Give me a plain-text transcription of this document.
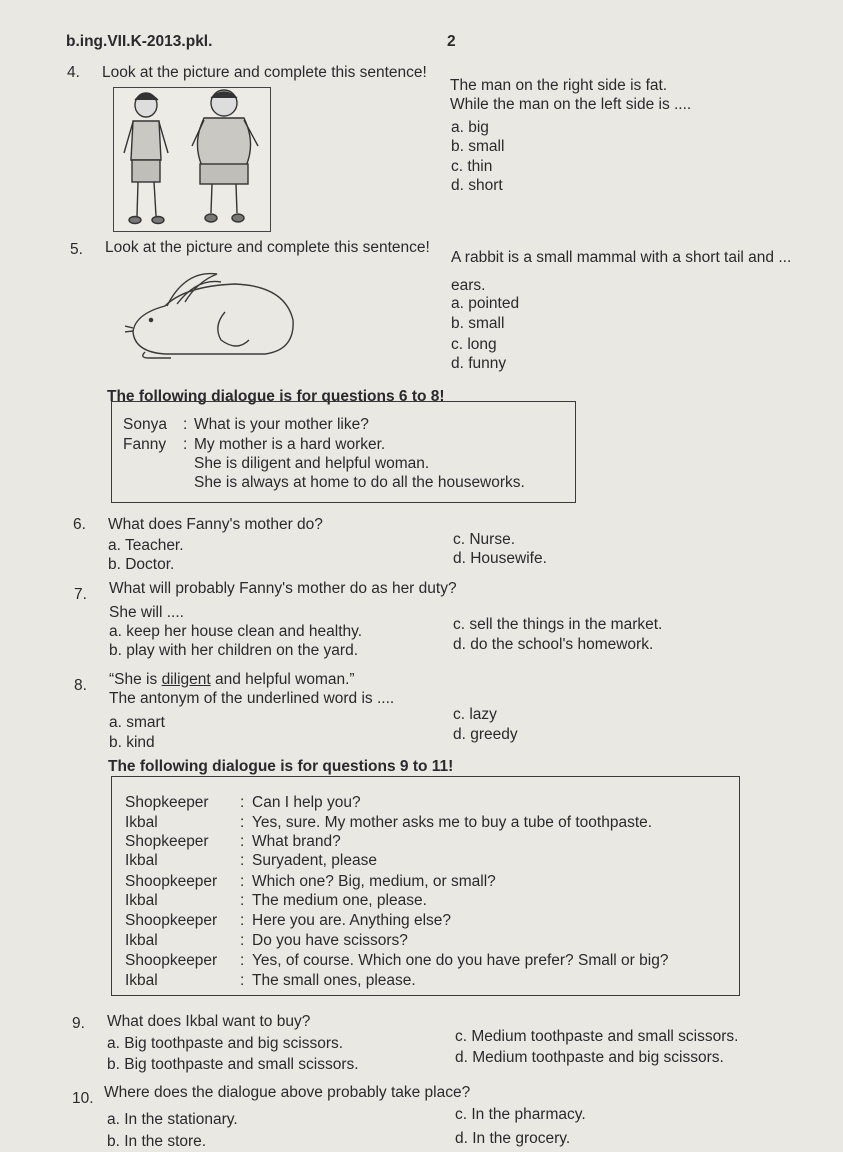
b.ing.VII.K-2013.pkl.	2
4. Look at the picture and complete this sentence!
The man on the right side is fat.
While the man on the left side is ....
a. big
b. small
c. thin
d. short
5. Look at the picture and complete this sentence!
A rabbit is a small mammal with a short tail and ...
ears.
a. pointed
b. small
c. long
d. funny
The following dialogue is for questions 6 to 8!
Sonya : What is your mother like?
Fanny : My mother is a hard worker.
She is diligent and helpful woman.
She is always at home to do all the houseworks.
6. What does Fanny's mother do?
a. Teacher.
b. Doctor.
c. Nurse.
d. Housewife.
7. What will probably Fanny's mother do as her duty?
She will ....
a. keep her house clean and healthy.
b. play with her children on the yard.
c. sell the things in the market.
d. do the school's homework.
8. “She is diligent and helpful woman.”
The antonym of the underlined word is ....
a. smart
b. kind
c. lazy
d. greedy
The following dialogue is for questions 9 to 11!
Shopkeeper : Can I help you?
Ikbal	: Yes, sure. My mother asks me to buy a tube of toothpaste.
Shopkeeper : What brand?
Ikbal	: Suryadent, please
Shoopkeeper : Which one? Big, medium, or small?
Ikbal	: The medium one, please.
Shoopkeeper : Here you are. Anything else?
Ikbal	: Do you have scissors?
Shoopkeeper : Yes, of course. Which one do you have prefer? Small or big?
Ikbal	: The small ones, please.
9. What does Ikbal want to buy?
a. Big toothpaste and big scissors.
b. Big toothpaste and small scissors.
c. Medium toothpaste and small scissors.
d. Medium toothpaste and big scissors.
10. Where does the dialogue above probably take place?
a. In the stationary.
b. In the store.
c. In the pharmacy.
d. In the grocery.
